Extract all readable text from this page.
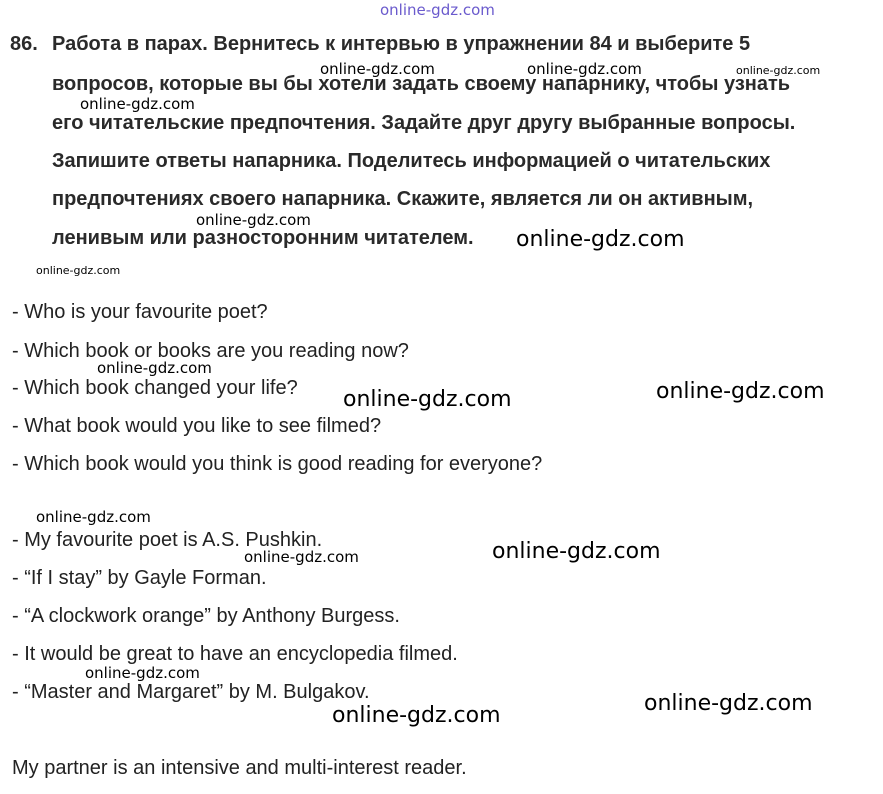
86. Работа в парах. Вернитесь к интервью в упражнении 84 и выберите 5
вопросов, которые вы бы хотели задать своему напарнику, чтобы узнать
его читательские предпочтения. Задайте друг другу выбранные вопросы.
Запишите ответы напарника. Поделитесь информацией о читательских
предпочтениях своего напарника. Скажите, является ли он активным,
ленивым или разносторонним читателем.
- Who is your favourite poet?
- Which book or books are you reading now?
- Which book changed your life?
- What book would you like to see filmed?
- Which book would you think is good reading for everyone?
- My favourite poet is A.S. Pushkin.
- “If I stay” by Gayle Forman.
- “A clockwork orange” by Anthony Burgess.
- It would be great to have an encyclopedia filmed.
- “Master and Margaret” by M. Bulgakov.
My partner is an intensive and multi-interest reader.
online-gdz.com
online-gdz.com	online-gdz.com	online-gdz.com
online-gdz.com
online-gdz.com
online-gdz.com
online-gdz.com
online-gdz.com
online-gdz.com	online-gdz.com
online-gdz.com
online-gdz.com	online-gdz.com
online-gdz.com
online-gdz.com	online-gdz.com
